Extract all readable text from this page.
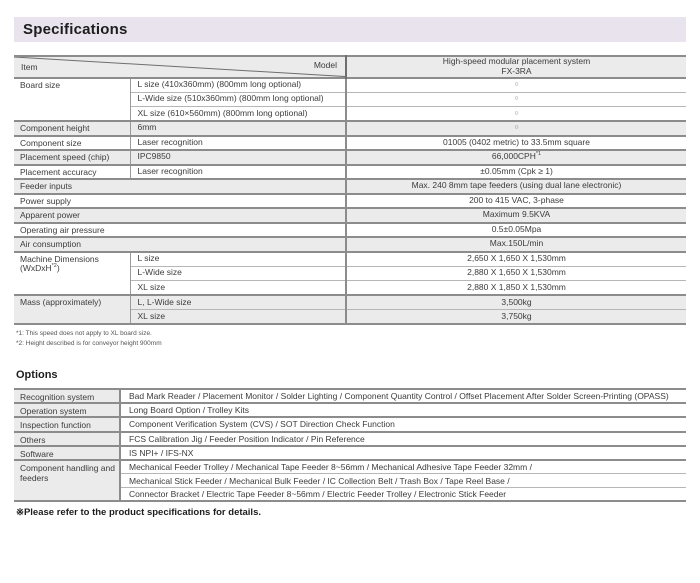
Specifications
Model
Item

High-speed modular placement system
FX-3RA

Board size	L size (410x360mm) (800mm long optional)	○
	L-Wide size (510x360mm) (800mm long optional)	○
	XL size (610×560mm) (800mm long optional)	○
Component height	6mm	○
Component size	Laser recognition	01005 (0402 metric) to 33.5mm square
Placement speed (chip)	IPC9850	66,000CPH$^{*1}$
Placement accuracy	Laser recognition	±0.05mm (Cpk ≥ 1)
Feeder inputs		Max. 240 8mm tape feeders (using dual lane electronic)
Power supply		200 to 415 VAC, 3-phase
Apparent power		Maximum 9.5KVA
Operating air pressure		0.5±0.05Mpa
Air consumption		Max.150L/min
Machine Dimensions
(WxDxH$^{*2}$)	L size	2,650 X 1,650 X 1,530mm
	L-Wide size	2,880 X 1,650 X 1,530mm
	XL size	2,880 X 1,850 X 1,530mm
Mass (approximately)	L, L-Wide size	3,500kg
	XL size	3,750kg
*1: This speed does not apply to XL board size.
*2: Height described is for conveyor height 900mm
Options
Recognition system	Bad Mark Reader / Placement Monitor / Solder Lighting / Component Quantity Control / Offset Placement After Solder Screen-Printing (OPASS)
Operation system	Long Board Option / Trolley Kits
Inspection function	Component Verification System (CVS) / SOT Direction Check Function
Others	FCS Calibration Jig / Feeder Position Indicator / Pin Reference
Software	IS NPI+ / IFS-NX
Component handling and feeders	Mechanical Feeder Trolley / Mechanical Tape Feeder 8~56mm / Mechanical Adhesive Tape Feeder 32mm /
	Mechanical Stick Feeder / Mechanical Bulk Feeder / IC Collection Belt / Trash Box / Tape Reel Base /
	Connector Bracket / Electric Tape Feeder 8~56mm / Electric Feeder Trolley / Electronic Stick Feeder
※Please refer to the product specifications for details.
